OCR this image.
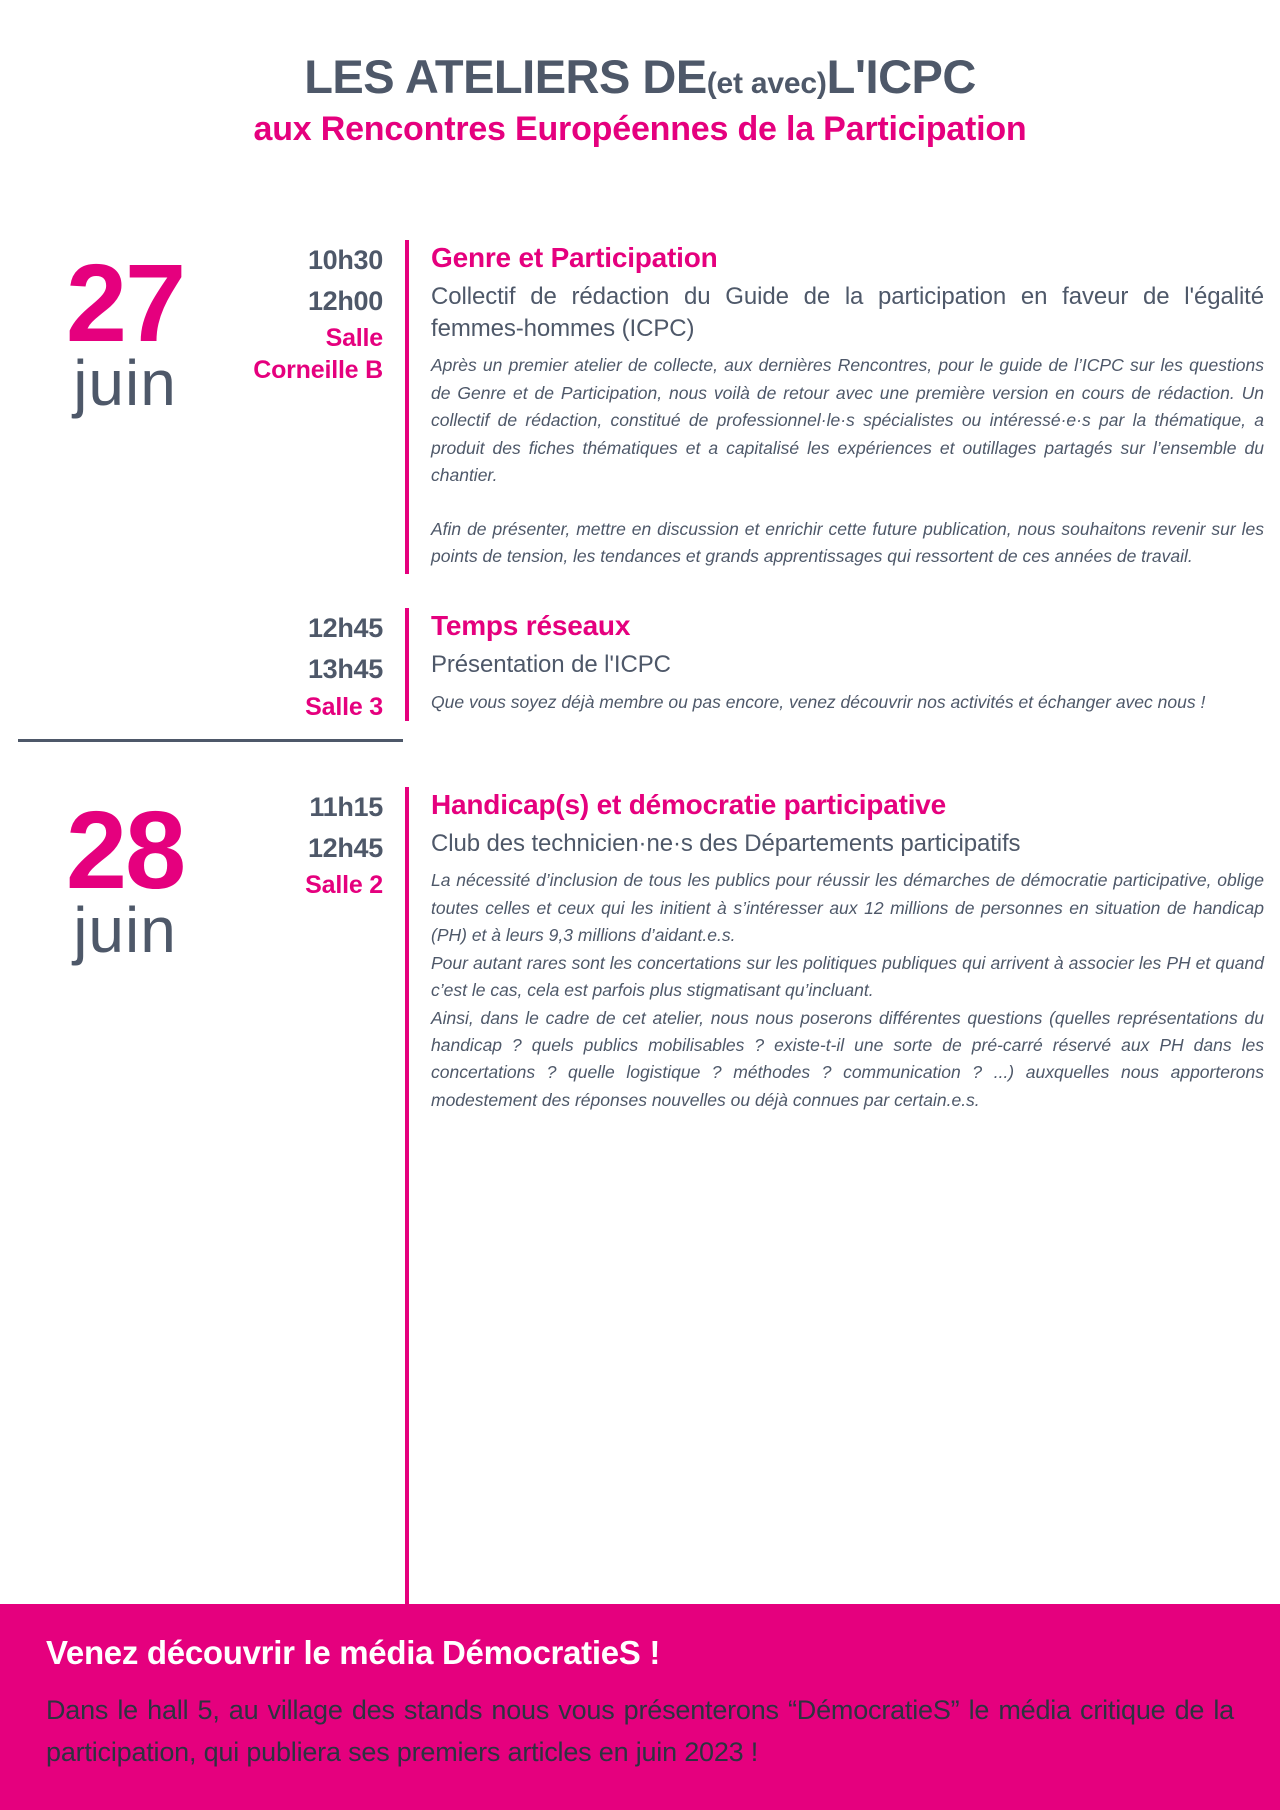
LES ATELIERS DE(et avec)L'ICPC
aux Rencontres Européennes de la Participation
27
juin
10h30
12h00
Salle
Corneille B
Genre et Participation

Collectif de rédaction du Guide de la participation en faveur de l'égalité femmes-hommes (ICPC)

Après un premier atelier de collecte, aux dernières Rencontres, pour le guide de l’ICPC sur les questions de Genre et de Participation, nous voilà de retour avec une première version en cours de rédaction. Un collectif de rédaction, constitué de professionnel·le·s spécialistes ou intéressé·e·s par la thématique, a produit des fiches thématiques et a capitalisé les expériences et outillages partagés sur l’ensemble du chantier.

Afin de présenter, mettre en discussion et enrichir cette future publication, nous souhaitons revenir sur les points de tension, les tendances et grands apprentissages qui ressortent de ces années de travail.

12h45
13h45
Salle 3
Temps réseaux

Présentation de l'ICPC

Que vous soyez déjà membre ou pas encore, venez découvrir nos activités et échanger avec nous !

28
juin
11h15
12h45
Salle 2
Handicap(s) et démocratie participative

Club des technicien·ne·s des Départements participatifs

La nécessité d’inclusion de tous les publics pour réussir les démarches de démocratie participative, oblige toutes celles et ceux qui les initient à s’intéresser aux 12 millions de personnes en situation de handicap (PH) et à leurs 9,3 millions d’aidant.e.s.

Pour autant rares sont les concertations sur les politiques publiques qui arrivent à associer les PH et quand c’est le cas, cela est parfois plus stigmatisant qu’incluant.

Ainsi, dans le cadre de cet atelier, nous nous poserons différentes questions (quelles représentations du handicap ? quels publics mobilisables ? existe-t-il une sorte de pré-carré réservé aux PH dans les concertations ? quelle logistique ? méthodes ? communication ? ...) auxquelles nous apporterons modestement des réponses nouvelles ou déjà connues par certain.e.s.

Venez découvrir le média DémocratieS !

Dans le hall 5, au village des stands nous vous présenterons “DémocratieS” le média critique de la participation, qui publiera ses premiers articles en juin 2023 !
